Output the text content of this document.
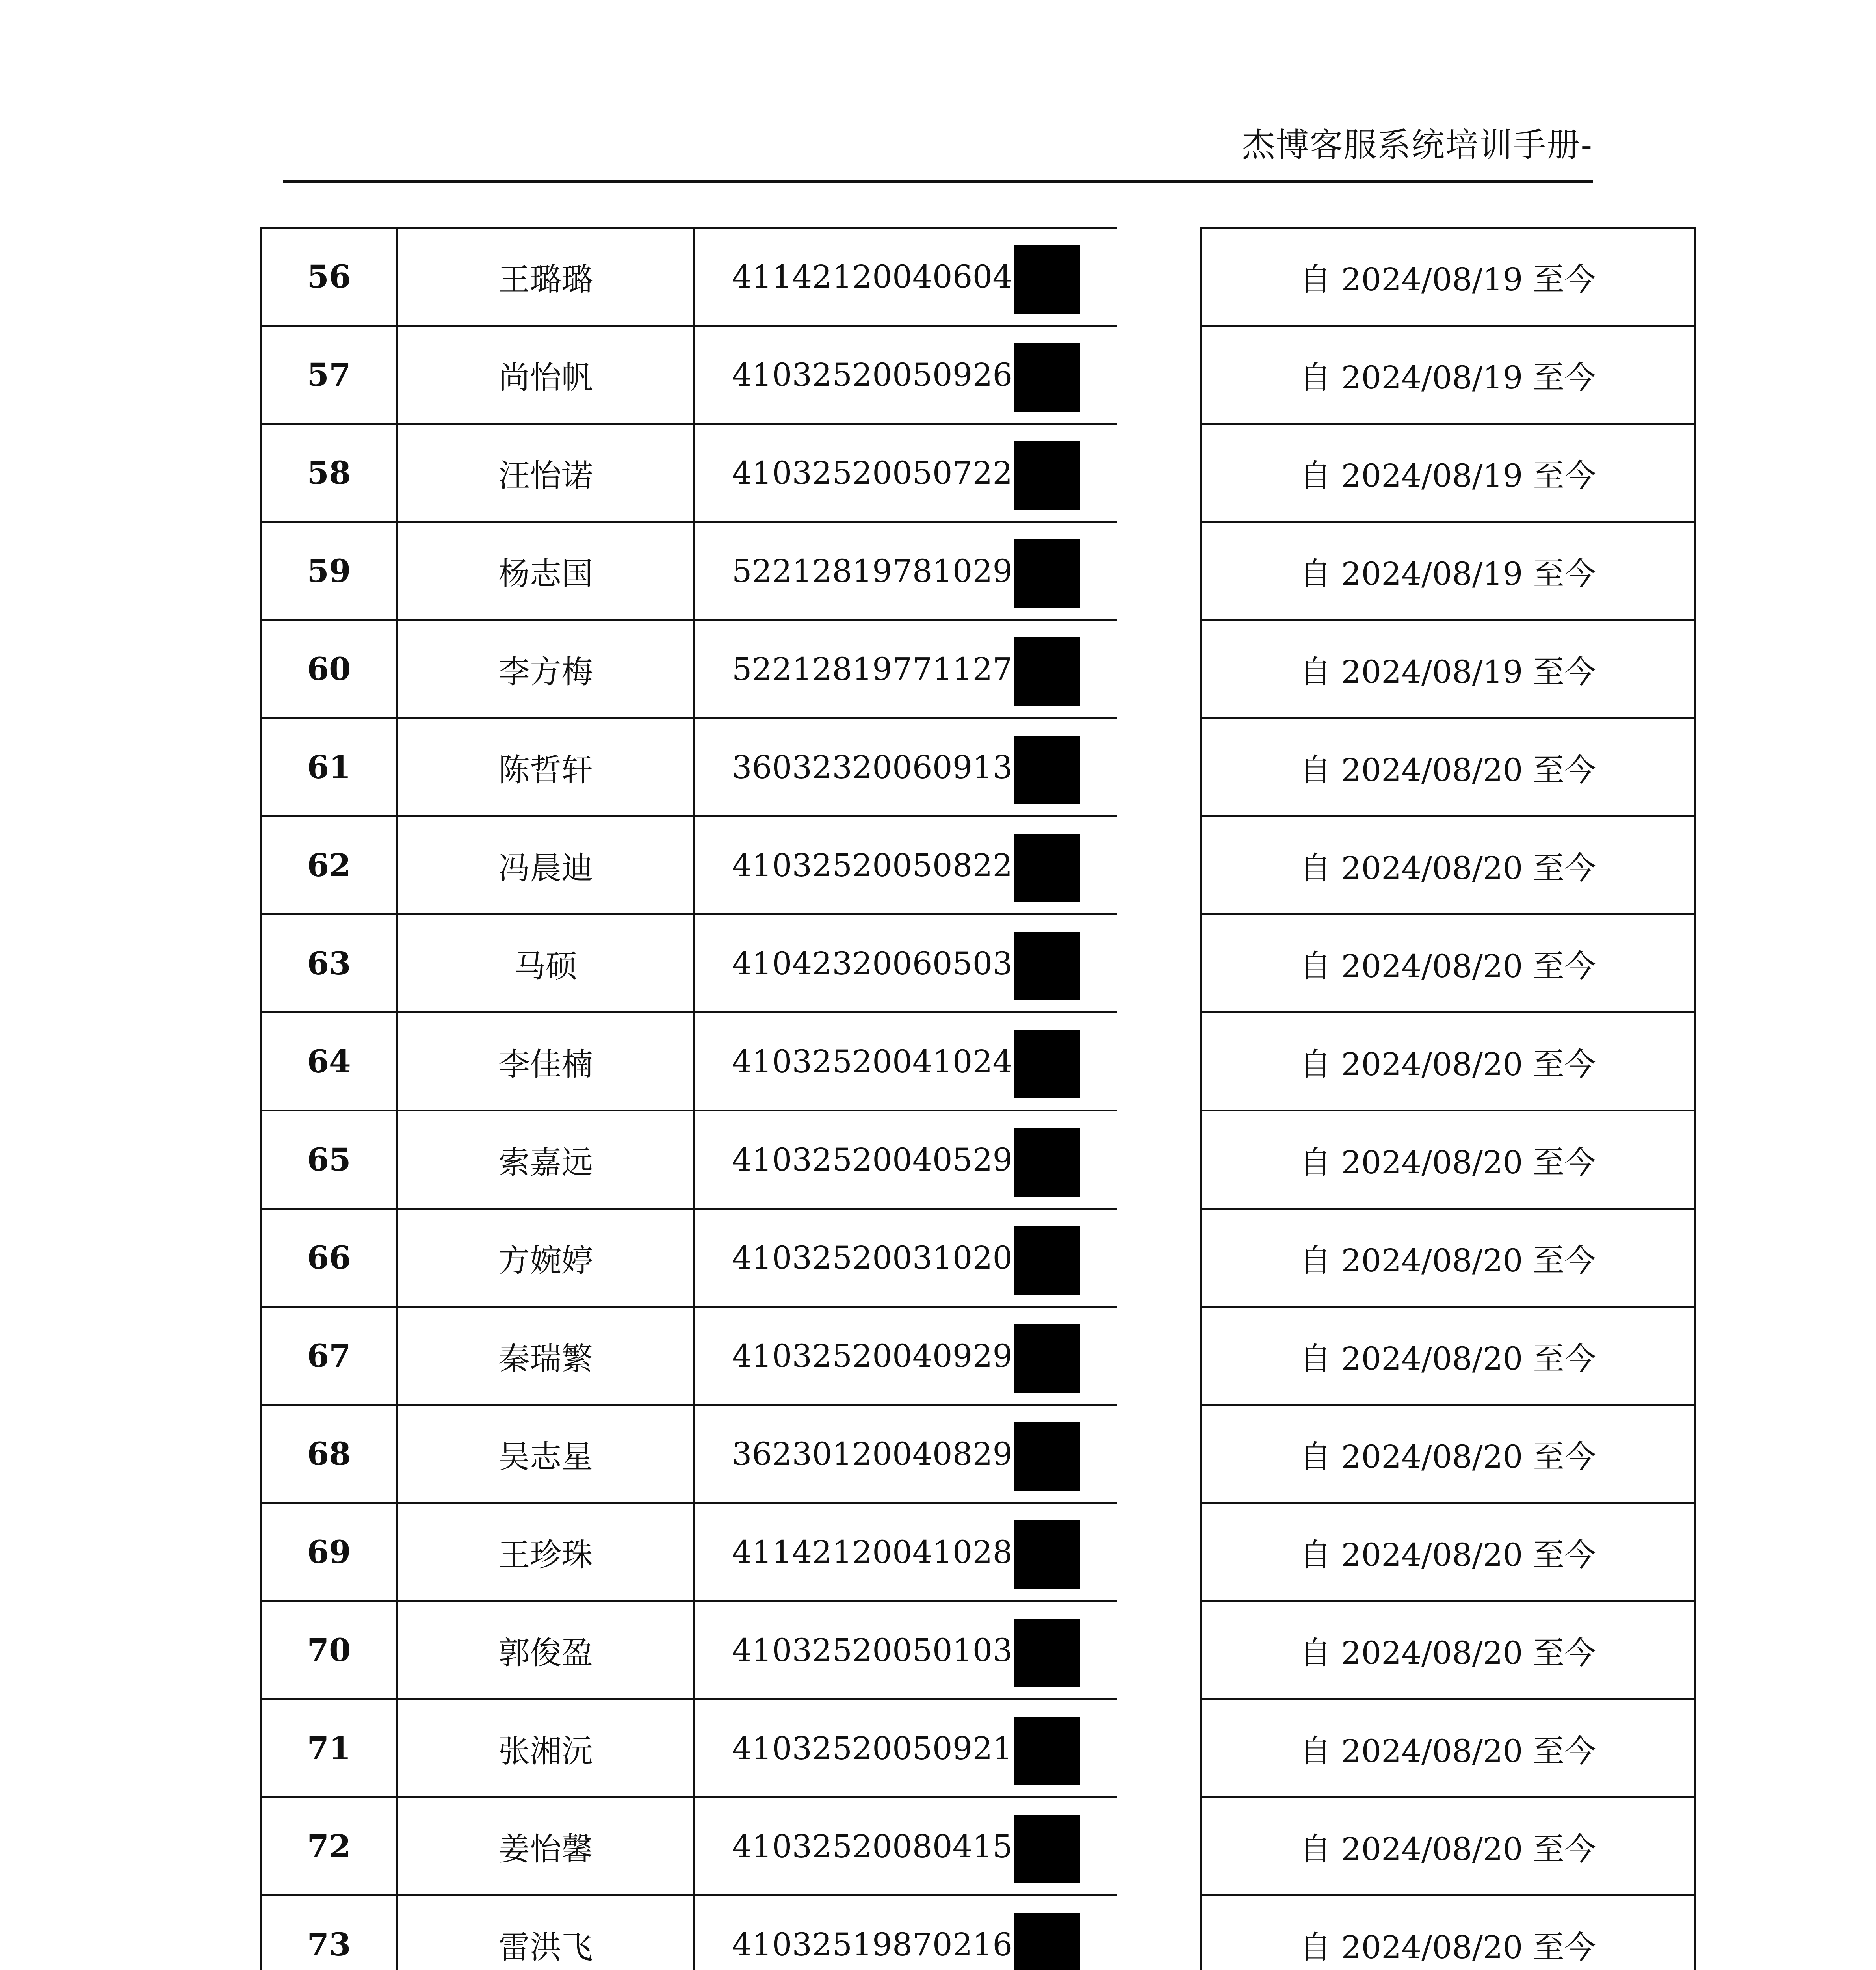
杰博客服系统培训手册-
56	王璐璐	41142120040604		自 2024/08/19 至今
57	尚怡帆	41032520050926		自 2024/08/19 至今
58	汪怡诺	41032520050722		自 2024/08/19 至今
59	杨志国	52212819781029		自 2024/08/19 至今
60	李方梅	52212819771127		自 2024/08/19 至今
61	陈哲轩	36032320060913		自 2024/08/20 至今
62	冯晨迪	41032520050822		自 2024/08/20 至今
63	马硕	41042320060503		自 2024/08/20 至今
64	李佳楠	41032520041024		自 2024/08/20 至今
65	索嘉远	41032520040529		自 2024/08/20 至今
66	方婉婷	41032520031020		自 2024/08/20 至今
67	秦瑞繁	41032520040929		自 2024/08/20 至今
68	吴志星	36230120040829		自 2024/08/20 至今
69	王珍珠	41142120041028		自 2024/08/20 至今
70	郭俊盈	41032520050103		自 2024/08/20 至今
71	张湘沅	41032520050921		自 2024/08/20 至今
72	姜怡馨	41032520080415		自 2024/08/20 至今
73	雷洪飞	41032519870216		自 2024/08/20 至今
